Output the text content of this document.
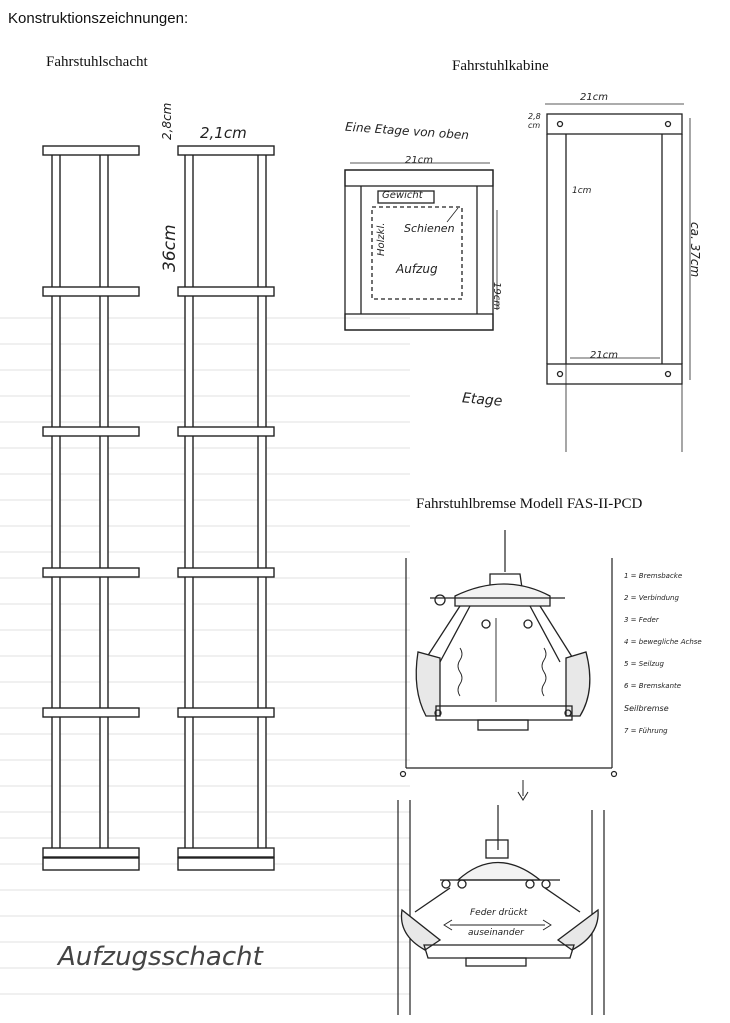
Konstruktionszeichnungen:
Fahrstuhlschacht	Fahrstuhlkabine
Fahrstuhlbremse Modell FAS-II-PCD
2,8cm 2,1cm
36cm
Aufzugsschacht
Eine Etage von oben
21cm
19cm
Gewicht
Schienen
Aufzug
Holzkl.
Etage
21cm
21cm
2,8 cm
1cm
ca. 37cm
1 = Bremsbacke
2 = Verbindung
3 = Feder
4 = bewegliche Achse
5 = Seilzug
6 = Bremskante
Seilbremse
7 = Führung
Feder drückt
auseinander
